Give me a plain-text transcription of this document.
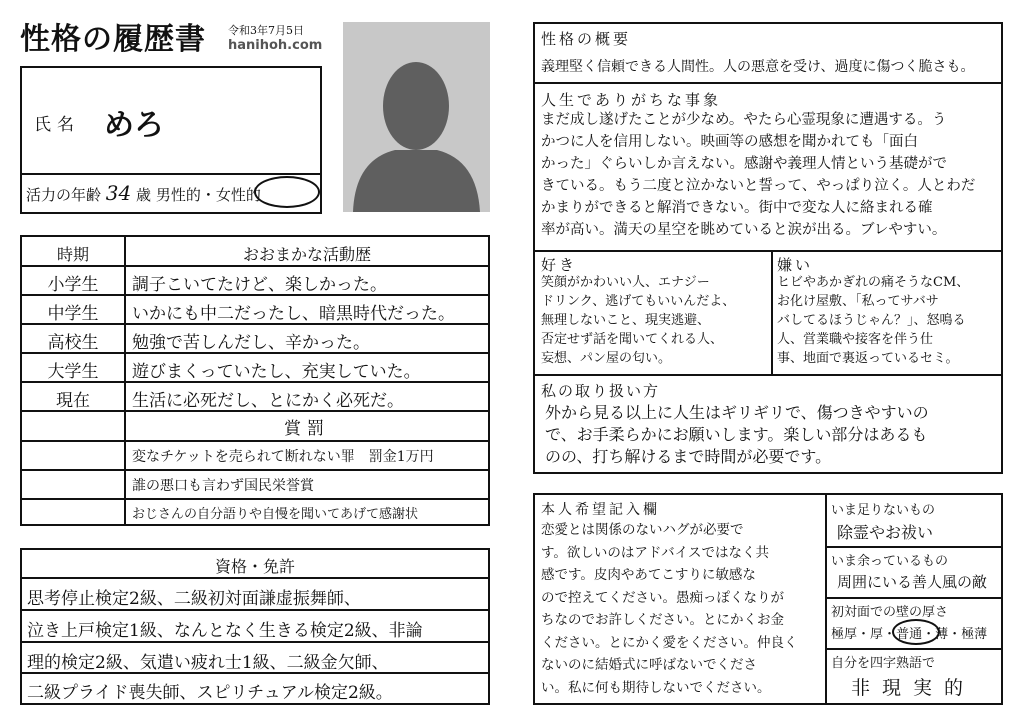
性格の履歴書 令和3年7月5日
hanihoh.com
氏名 めろ
活力の年齢 34 歳 男性的・女性的
時期	おおまかな活動歴
小学生	調子こいてたけど、楽しかった。
中学生	いかにも中二だったし、暗黒時代だった。
高校生	勉強で苦しんだし、辛かった。
大学生	遊びまくっていたし、充実していた。
現在	生活に必死だし、とにかく必死だ。
賞罰
変なチケットを売られて断れない罪　罰金1万円
誰の悪口も言わず国民栄誉賞
おじさんの自分語りや自慢を聞いてあげて感謝状
資格・免許
思考停止検定2級、二級初対面謙虚振舞師、
泣き上戸検定1級、なんとなく生きる検定2級、非論
理的検定2級、気遣い疲れ士1級、二級金欠師、
二級プライド喪失師、スピリチュアル検定2級。
性格の概要
義理堅く信頼できる人間性。人の悪意を受け、過度に傷つく脆さも。
人生でありがちな事象
まだ成し遂げたことが少なめ。やたら心霊現象に遭遇する。う
かつに人を信用しない。映画等の感想を聞かれても「面白
かった」ぐらいしか言えない。感謝や義理人情という基礎がで
きている。もう二度と泣かないと誓って、やっぱり泣く。人とわだ
かまりができると解消できない。街中で変な人に絡まれる確
率が高い。満天の星空を眺めていると涙が出る。ブレやすい。
好き
笑顔がかわいい人、エナジー
ドリンク、逃げてもいいんだよ、
無理しないこと、現実逃避、
否定せず話を聞いてくれる人、
妄想、パン屋の匂い。
嫌い
ヒビやあかぎれの痛そうなCM、
お化け屋敷、「私ってサバサ
バしてるほうじゃん？」、怒鳴る
人、営業職や接客を伴う仕
事、地面で裏返っているセミ。
私の取り扱い方
外から見る以上に人生はギリギリで、傷つきやすいの
で、お手柔らかにお願いします。楽しい部分はあるも
のの、打ち解けるまで時間が必要です。
本人希望記入欄
恋愛とは関係のないハグが必要で
す。欲しいのはアドバイスではなく共
感です。皮肉やあてこすりに敏感な
ので控えてください。愚痴っぽくなりが
ちなのでお許しください。とにかくお金
ください。とにかく愛をください。仲良く
ないのに結婚式に呼ばないでくださ
い。私に何も期待しないでください。
いま足りないもの
除霊やお祓い
いま余っているもの
周囲にいる善人風の敵
初対面での壁の厚さ
極厚・厚・普通・薄・極薄
自分を四字熟語で
非現実的
